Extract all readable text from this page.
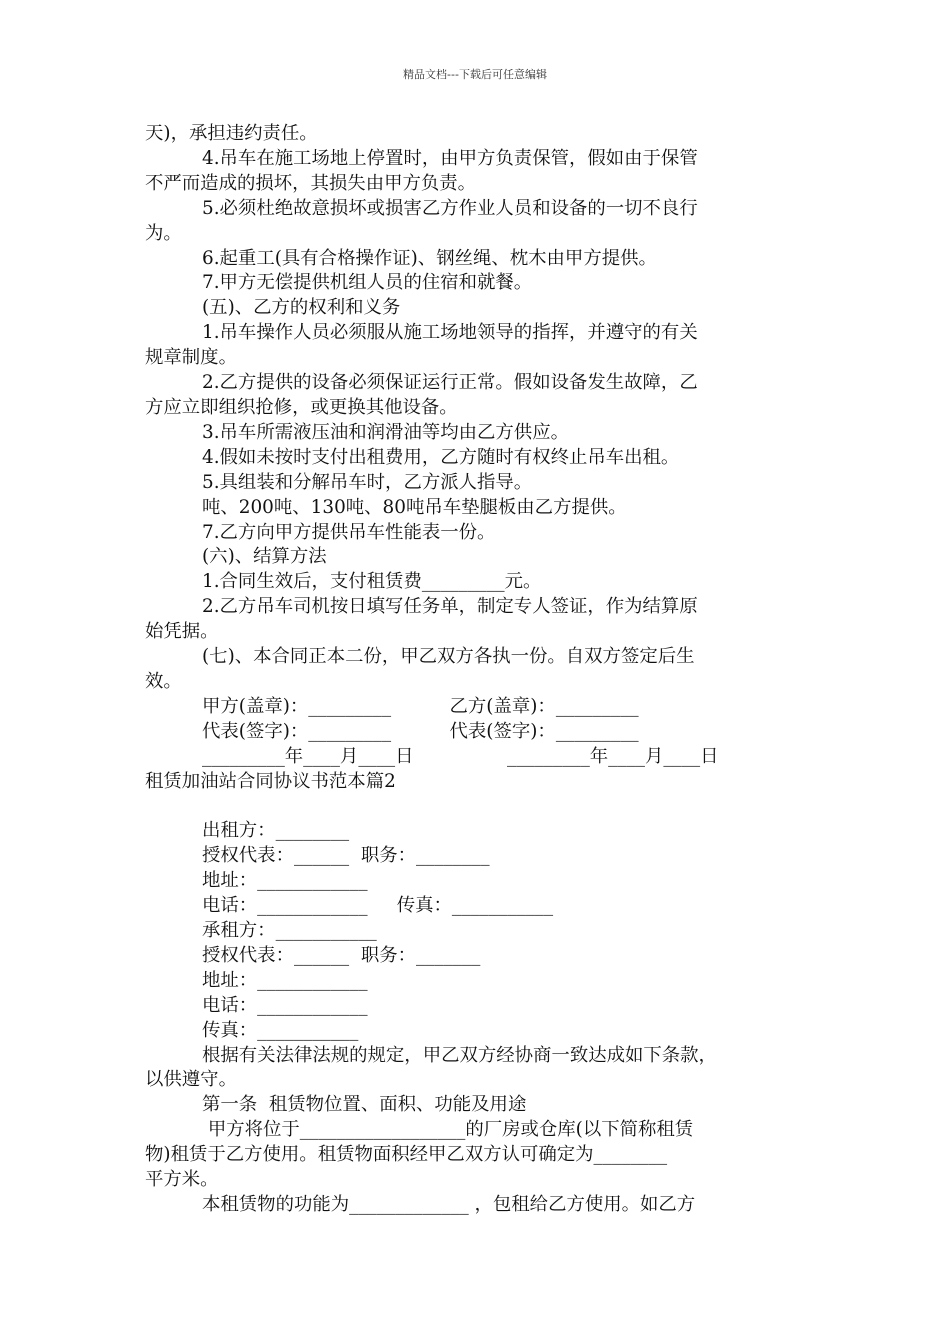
精品文档---下载后可任意编辑
天)，承担违约责任。
4.吊车在施工场地上停置时，由甲方负责保管，假如由于保管
不严而造成的损坏，其损失由甲方负责。
5.必须杜绝故意损坏或损害乙方作业人员和设备的一切不良行
为。
6.起重工(具有合格操作证)、钢丝绳、枕木由甲方提供。
7.甲方无偿提供机组人员的住宿和就餐。
(五)、乙方的权利和义务
1.吊车操作人员必须服从施工场地领导的指挥，并遵守的有关
规章制度。
2.乙方提供的设备必须保证运行正常。假如设备发生故障，乙
方应立即组织抢修，或更换其他设备。
3.吊车所需液压油和润滑油等均由乙方供应。
4.假如未按时支付出租费用，乙方随时有权终止吊车出租。
5.具组装和分解吊车时，乙方派人指导。
吨、200吨、130吨、80吨吊车垫腿板由乙方提供。
7.乙方向甲方提供吊车性能表一份。
(六)、结算方法
1.合同生效后，支付租赁费_________元。
2.乙方吊车司机按日填写任务单，制定专人签证，作为结算原
始凭据。
(七)、本合同正本二份，甲乙双方各执一份。自双方签定后生
效。
甲方(盖章)：_________          乙方(盖章)：_________
代表(签字)：_________          代表(签字)：_________
_________年____月____日                _________年____月____日
租赁加油站合同协议书范本篇2
出租方：________
授权代表：______  职务：________
地址：____________
电话：____________     传真：___________
承租方：___________
授权代表：______  职务：_______
地址：____________
电话：____________
传真：___________
根据有关法律法规的规定，甲乙双方经协商一致达成如下条款，
以供遵守。
第一条  租赁物位置、面积、功能及用途
甲方将位于__________________的厂房或仓库(以下简称租赁
物)租赁于乙方使用。租赁物面积经甲乙双方认可确定为________
平方米。
本租赁物的功能为_____________ ，包租给乙方使用。如乙方
